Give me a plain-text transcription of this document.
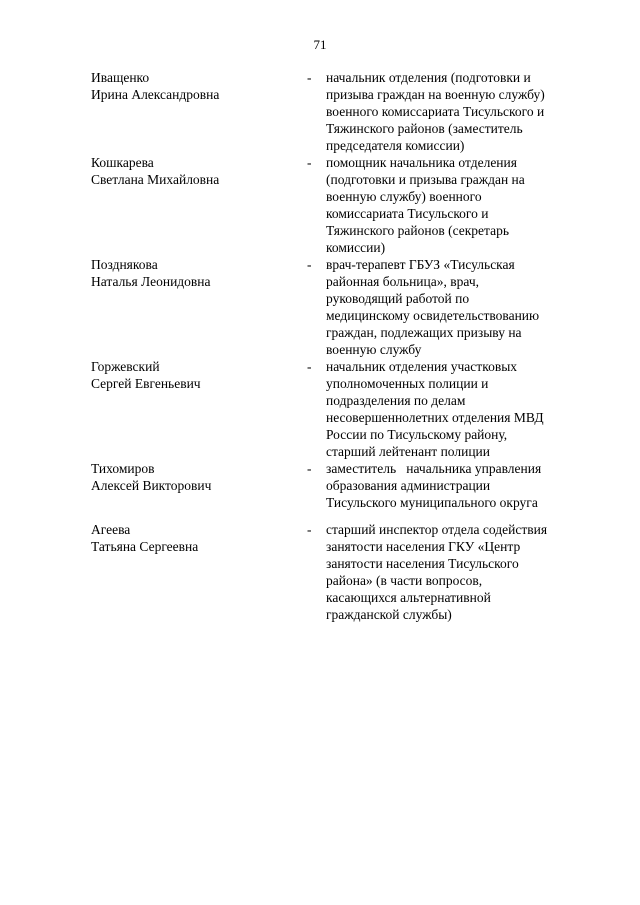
71
Иващенко
Ирина Александровна
- начальник отделения (подготовки и
призыва граждан на военную службу)
военного комиссариата Тисульского и
Тяжинского районов (заместитель
председателя комиссии)
Кошкарева
Светлана Михайловна
- помощник начальника отделения
(подготовки и призыва граждан на
военную службу) военного
комиссариата Тисульского и
Тяжинского районов (секретарь
комиссии)
Позднякова
Наталья Леонидовна
- врач-терапевт ГБУЗ «Тисульская
районная больница», врач,
руководящий работой по
медицинскому освидетельствованию
граждан, подлежащих призыву на
военную службу
Горжевский
Сергей Евгеньевич
- начальник отделения участковых
уполномоченных полиции и
подразделения по делам
несовершеннолетних отделения МВД
России по Тисульскому району,
старший лейтенант полиции
Тихомиров
Алексей Викторович
- заместитель   начальника управления
образования администрации
Тисульского муниципального округа
Агеева
Татьяна Сергеевна
- старший инспектор отдела содействия
занятости населения ГКУ «Центр
занятости населения Тисульского
района» (в части вопросов,
касающихся альтернативной
гражданской службы)
